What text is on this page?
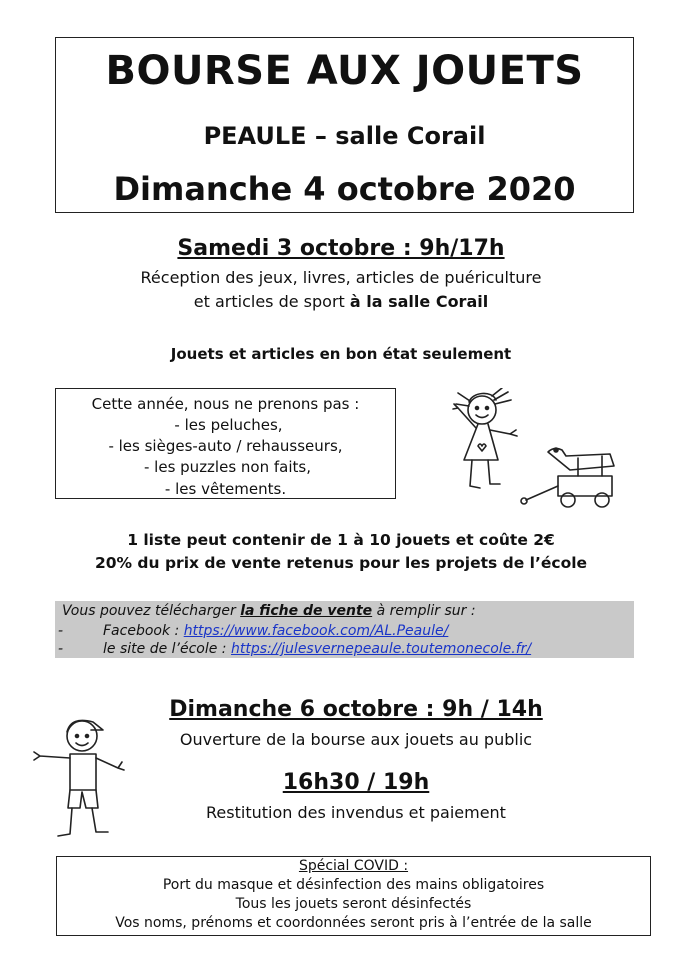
BOURSE AUX JOUETS
PEAULE – salle Corail
Dimanche 4 octobre 2020
Samedi 3 octobre : 9h/17h
Réception des jeux, livres, articles de puériculture
et articles de sport à la salle Corail
Jouets et articles en bon état seulement
Cette année, nous ne prenons pas :
- les peluches,
- les sièges-auto / rehausseurs,
- les puzzles non faits,
- les vêtements.
1 liste peut contenir de 1 à 10 jouets et coûte 2€
20% du prix de vente retenus pour les projets de l’école
Vous pouvez télécharger la fiche de vente à remplir sur :
-	Facebook : https://www.facebook.com/AL.Peaule/
-	le site de l’école : https://julesvernepeaule.toutemonecole.fr/
Dimanche 6 octobre : 9h / 14h
Ouverture de la bourse aux jouets au public
16h30 / 19h
Restitution des invendus et paiement
Spécial COVID :
Port du masque et désinfection des mains obligatoires
Tous les jouets seront désinfectés
Vos noms, prénoms et coordonnées seront pris à l’entrée de la salle
